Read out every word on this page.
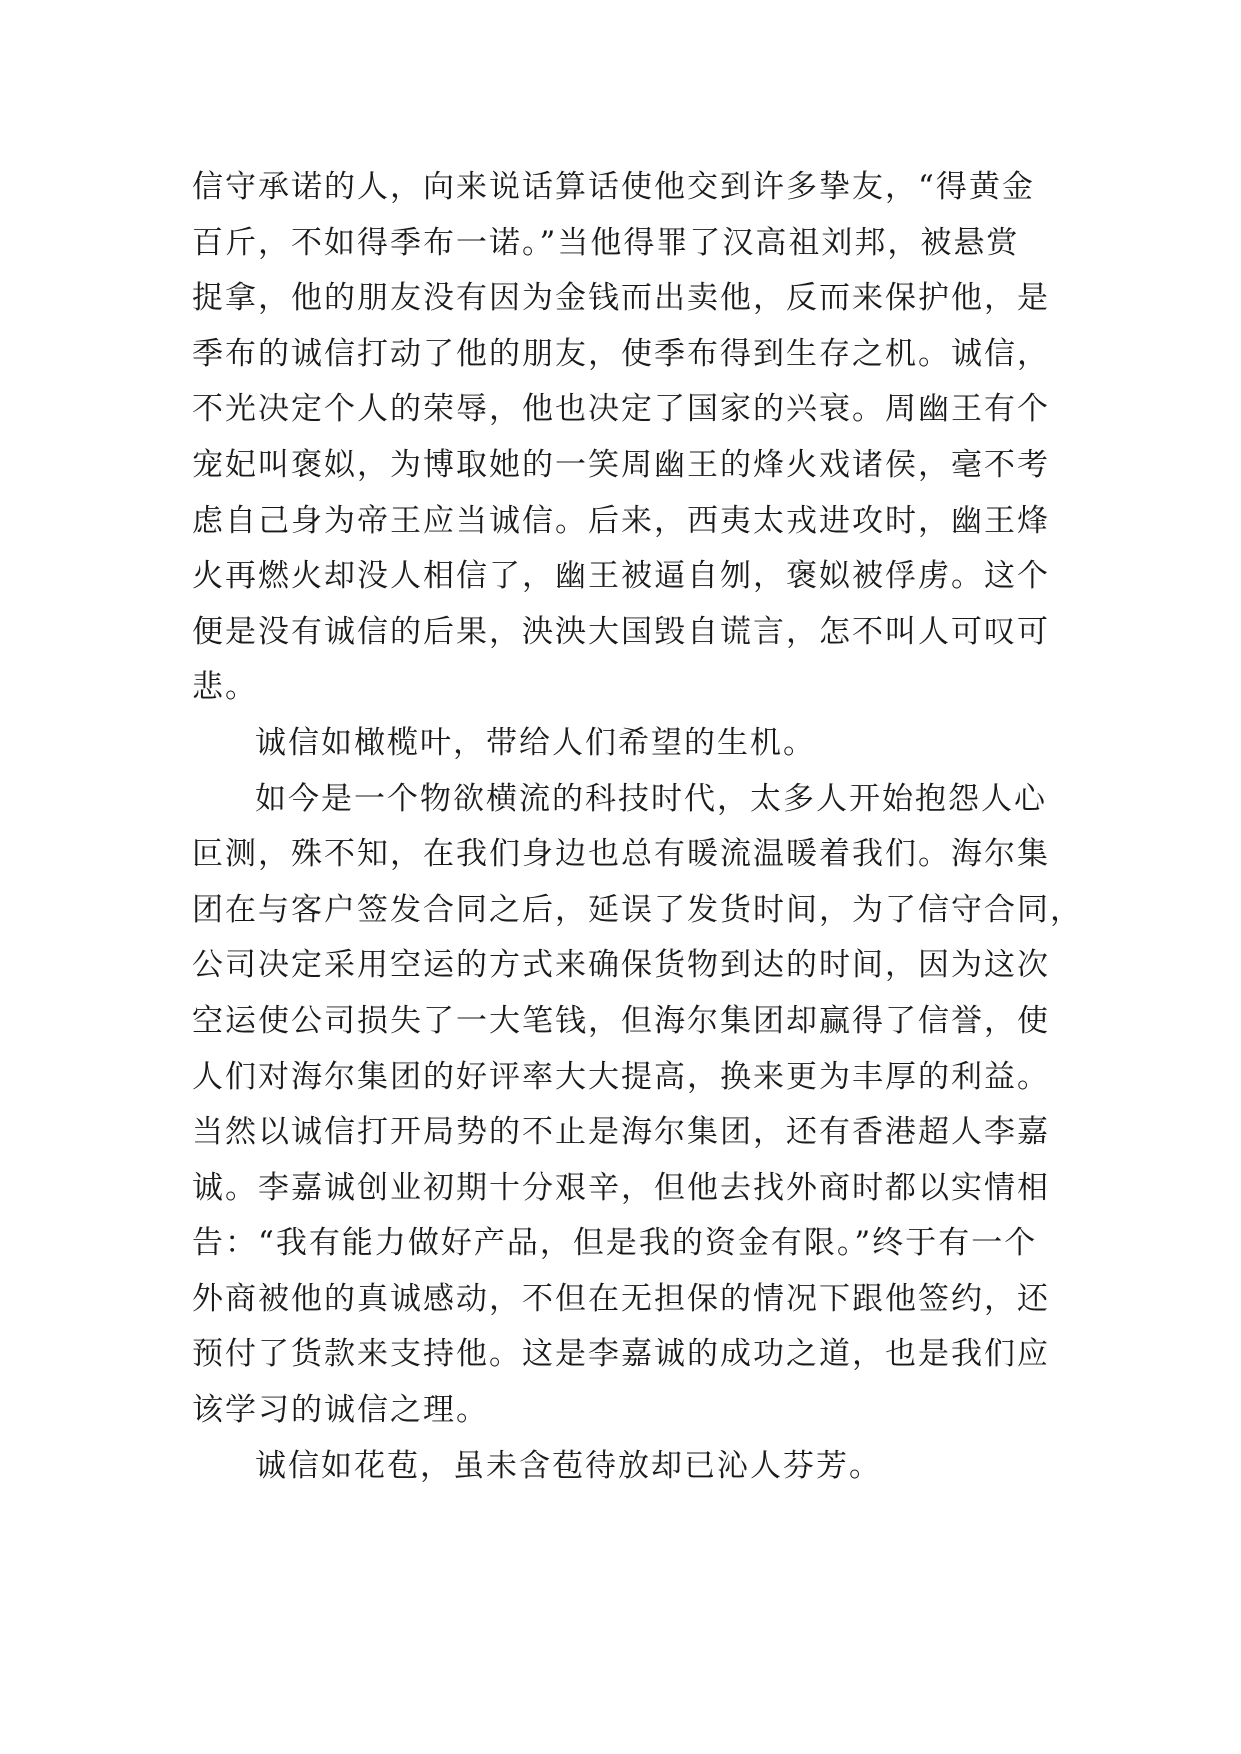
信守承诺的人，向来说话算话使他交到许多挚友，“得黄金
百斤，不如得季布一诺。”当他得罪了汉高祖刘邦，被悬赏
捉拿，他的朋友没有因为金钱而出卖他，反而来保护他，是
季布的诚信打动了他的朋友，使季布得到生存之机。诚信，
不光决定个人的荣辱，他也决定了国家的兴衰。周幽王有个
宠妃叫褒姒，为博取她的一笑周幽王的烽火戏诸侯，毫不考
虑自己身为帝王应当诚信。后来，西夷太戎进攻时，幽王烽
火再燃火却没人相信了，幽王被逼自刎，褒姒被俘虏。这个
便是没有诚信的后果，泱泱大国毁自谎言，怎不叫人可叹可
悲。
诚信如橄榄叶，带给人们希望的生机。
如今是一个物欲横流的科技时代，太多人开始抱怨人心
叵测，殊不知，在我们身边也总有暖流温暖着我们。海尔集
团在与客户签发合同之后，延误了发货时间，为了信守合同，
公司决定采用空运的方式来确保货物到达的时间，因为这次
空运使公司损失了一大笔钱，但海尔集团却赢得了信誉，使
人们对海尔集团的好评率大大提高，换来更为丰厚的利益。
当然以诚信打开局势的不止是海尔集团，还有香港超人李嘉
诚。李嘉诚创业初期十分艰辛，但他去找外商时都以实情相
告：“我有能力做好产品，但是我的资金有限。”终于有一个
外商被他的真诚感动，不但在无担保的情况下跟他签约，还
预付了货款来支持他。这是李嘉诚的成功之道，也是我们应
该学习的诚信之理。
诚信如花苞，虽未含苞待放却已沁人芬芳。
